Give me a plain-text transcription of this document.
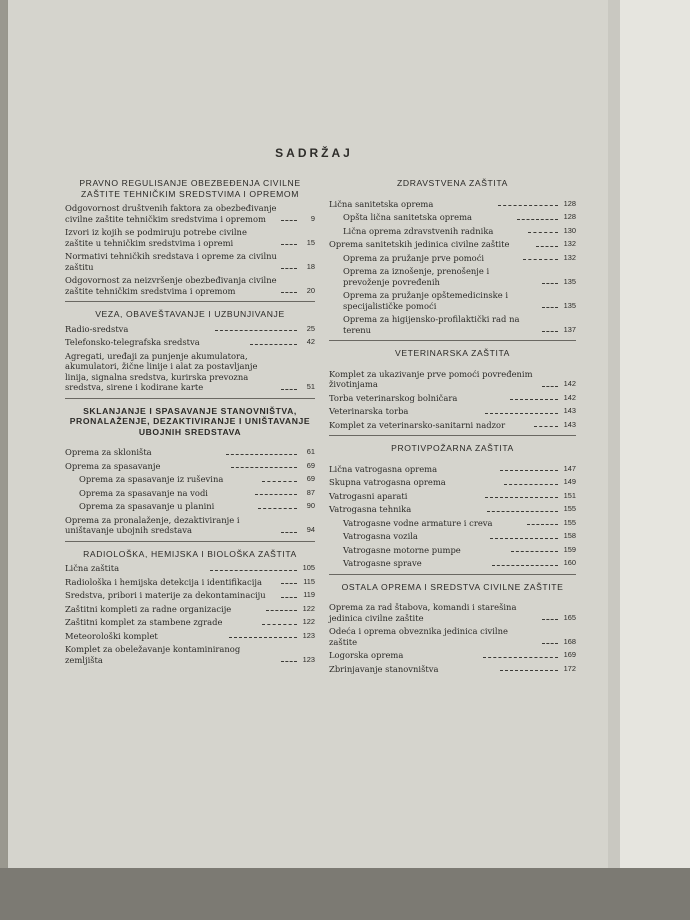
SADRŽAJ
PRAVNO REGULISANJE OBEZBEĐENJA CIVILNE ZAŠTITE TEHNIČKIM SREDSTVIMA I OPREMOM
Odgovornost društvenih faktora za obezbeđivanje civilne zaštite tehničkim sredstvima i opremom	9
Izvori iz kojih se podmiruju potrebe civilne zaštite u tehničkim sredstvima i opremi	15
Normativi tehničkih sredstava i opreme za civilnu zaštitu	18
Odgovornost za neizvršenje obezbeđivanja civilne zaštite tehničkim sredstvima i opremom	20
VEZA, OBAVEŠTAVANJE I UZBUNJIVANJE
Radio-sredstva	25
Telefonsko-telegrafska sredstva	42
Agregati, uređaji za punjenje akumulatora, akumulatori, žične linije i alat za postavljanje linija, signalna sredstva, kurirska prevozna sredstva, sirene i kodirane karte	51
SKLANJANJE I SPASAVANJE STANOVNIŠTVA, PRONALAŽENJE, DEZAKTIVIRANJE I UNIŠTAVANJE UBOJNIH SREDSTAVA
Oprema za skloništa	61
Oprema za spasavanje	69
Oprema za spasavanje iz ruševina	69
Oprema za spasavanje na vodi	87
Oprema za spasavanje u planini	90
Oprema za pronalaženje, dezaktiviranje i uništavanje ubojnih sredstava	94
RADIOLOŠKA, HEMIJSKA I BIOLOŠKA ZAŠTITA
Lična zaštita	105
Radiološka i hemijska detekcija i identifikacija	115
Sredstva, pribori i materije za dekontaminaciju	119
Zaštitni kompleti za radne organizacije	122
Zaštitni komplet za stambene zgrade	122
Meteorološki komplet	123
Komplet za obeležavanje kontaminiranog zemljišta	123
ZDRAVSTVENA ZAŠTITA
Lična sanitetska oprema	128
Opšta lična sanitetska oprema	128
Lična oprema zdravstvenih radnika	130
Oprema sanitetskih jedinica civilne zaštite	132
Oprema za pružanje prve pomoći	132
Oprema za iznošenje, prenošenje i prevoženje povređenih	135
Oprema za pružanje opštemedicinske i specijalističke pomoći	135
Oprema za higijensko-profilaktički rad na terenu	137
VETERINARSKA ZAŠTITA
Komplet za ukazivanje prve pomoći povređenim životinjama	142
Torba veterinarskog bolničara	142
Veterinarska torba	143
Komplet za veterinarsko-sanitarni nadzor	143
PROTIVPOŽARNA ZAŠTITA
Lična vatrogasna oprema	147
Skupna vatrogasna oprema	149
Vatrogasni aparati	151
Vatrogasna tehnika	155
Vatrogasne vodne armature i creva	155
Vatrogasna vozila	158
Vatrogasne motorne pumpe	159
Vatrogasne sprave	160
OSTALA OPREMA I SREDSTVA CIVILNE ZAŠTITE
Oprema za rad štabova, komandi i starešina jedinica civilne zaštite	165
Odeća i oprema obveznika jedinica civilne zaštite	168
Logorska oprema	169
Zbrinjavanje stanovništva	172
